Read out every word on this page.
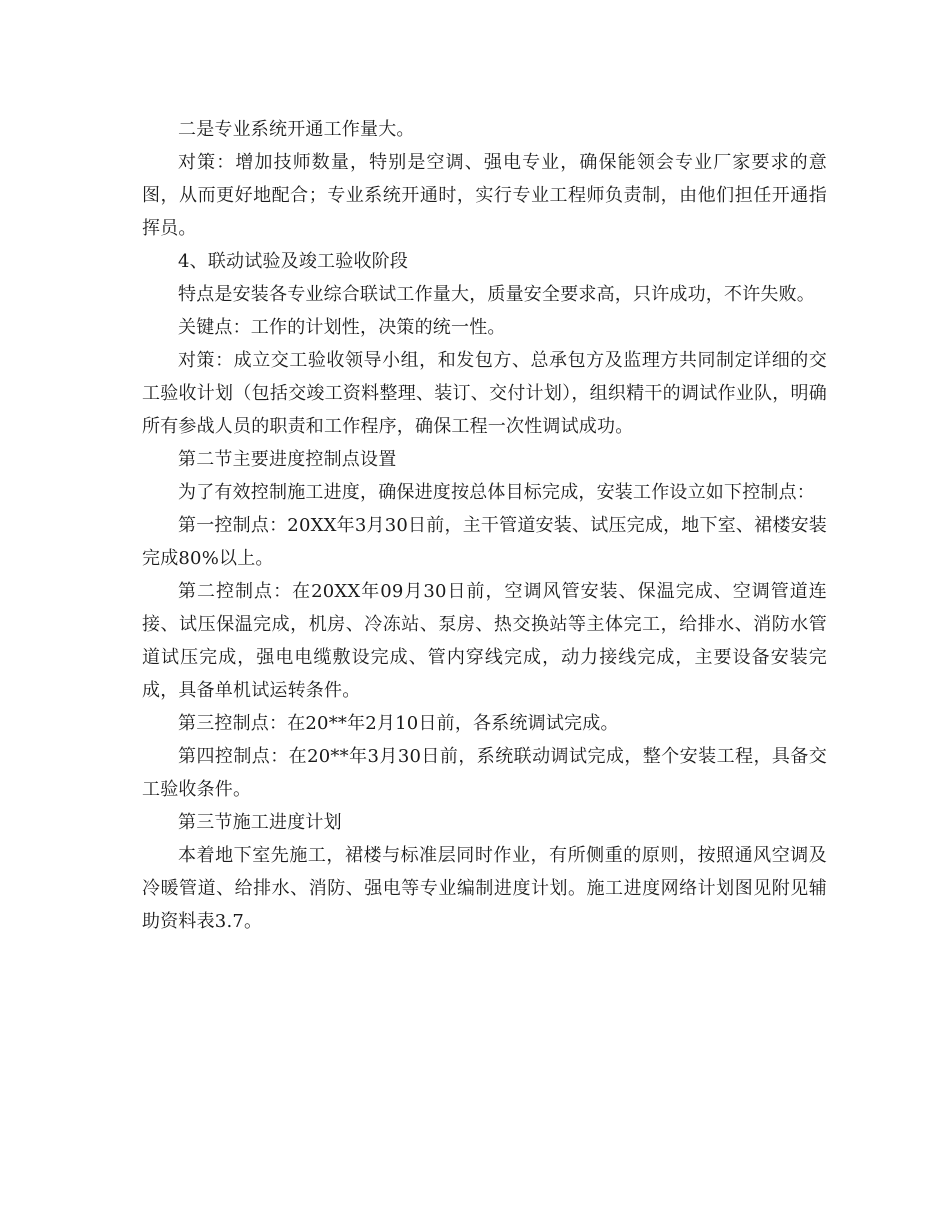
二是专业系统开通工作量大。

对策：增加技师数量，特别是空调、强电专业，确保能领会专业厂家要求的意图，从而更好地配合；专业系统开通时，实行专业工程师负责制，由他们担任开通指挥员。

4、联动试验及竣工验收阶段

特点是安装各专业综合联试工作量大，质量安全要求高，只许成功，不许失败。

关键点：工作的计划性，决策的统一性。

对策：成立交工验收领导小组，和发包方、总承包方及监理方共同制定详细的交工验收计划（包括交竣工资料整理、装订、交付计划），组织精干的调试作业队，明确所有参战人员的职责和工作程序，确保工程一次性调试成功。

第二节主要进度控制点设置

为了有效控制施工进度，确保进度按总体目标完成，安装工作设立如下控制点：

第一控制点：20XX年3月30日前，主干管道安装、试压完成，地下室、裙楼安装完成80%以上。

第二控制点：在20XX年09月30日前，空调风管安装、保温完成、空调管道连接、试压保温完成，机房、冷冻站、泵房、热交换站等主体完工，给排水、消防水管道试压完成，强电电缆敷设完成、管内穿线完成，动力接线完成，主要设备安装完成，具备单机试运转条件。

第三控制点：在20**年2月10日前，各系统调试完成。

第四控制点：在20**年3月30日前，系统联动调试完成，整个安装工程，具备交工验收条件。

第三节施工进度计划

本着地下室先施工，裙楼与标准层同时作业，有所侧重的原则，按照通风空调及冷暖管道、给排水、消防、强电等专业编制进度计划。施工进度网络计划图见附见辅助资料表3.7。
